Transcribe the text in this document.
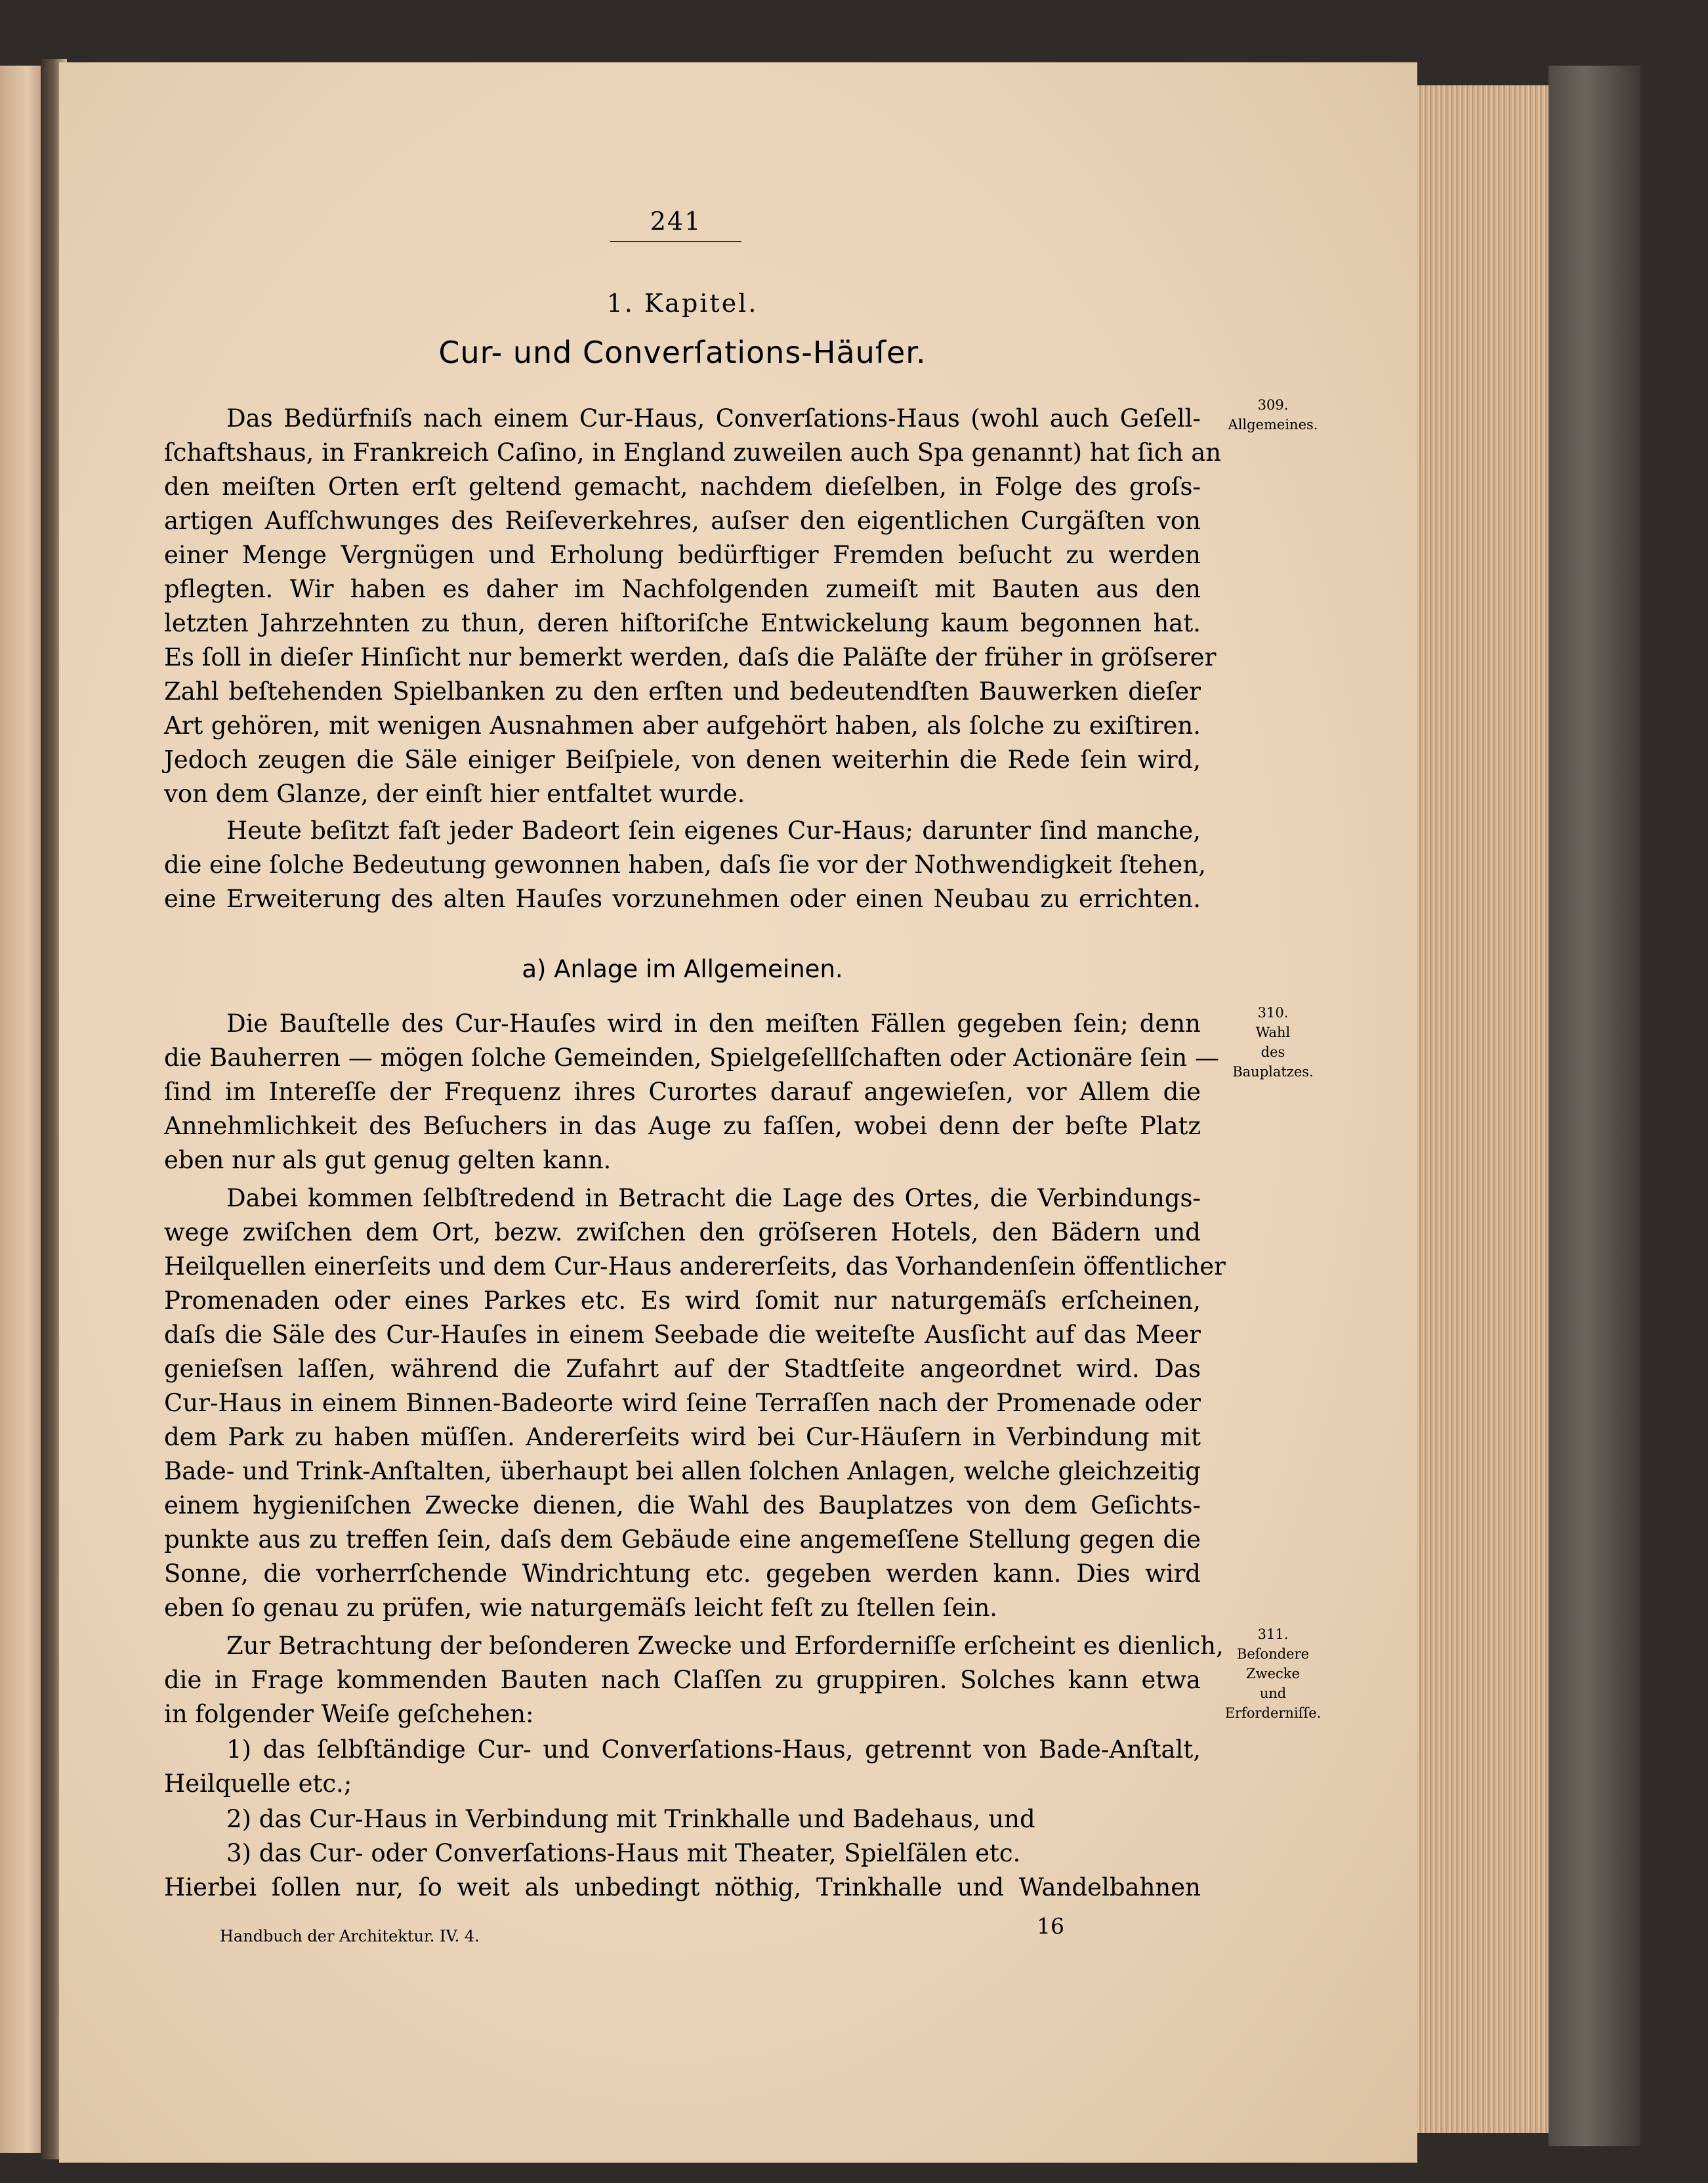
241
1. Kapitel.
Cur- und Converſations-Häuſer.
Das Bedürfniſs nach einem Cur-Haus, Converſations-Haus (wohl auch Geſell-
ſchaftshaus, in Frankreich Caſino, in England zuweilen auch Spa genannt) hat ſich an
den meiſten Orten erſt geltend gemacht, nachdem dieſelben, in Folge des groſs-
artigen Aufſchwunges des Reiſeverkehres, auſser den eigentlichen Curgäſten von
einer Menge Vergnügen und Erholung bedürftiger Fremden beſucht zu werden
pflegten. Wir haben es daher im Nachfolgenden zumeiſt mit Bauten aus den
letzten Jahrzehnten zu thun, deren hiſtoriſche Entwickelung kaum begonnen hat.
Es ſoll in dieſer Hinſicht nur bemerkt werden, daſs die Paläſte der früher in gröſserer
Zahl beſtehenden Spielbanken zu den erſten und bedeutendſten Bauwerken dieſer
Art gehören, mit wenigen Ausnahmen aber aufgehört haben, als ſolche zu exiſtiren.
Jedoch zeugen die Säle einiger Beiſpiele, von denen weiterhin die Rede ſein wird,
von dem Glanze, der einſt hier entfaltet wurde.
Heute beſitzt faſt jeder Badeort ſein eigenes Cur-Haus; darunter ſind manche,
die eine ſolche Bedeutung gewonnen haben, daſs ſie vor der Nothwendigkeit ſtehen,
eine Erweiterung des alten Hauſes vorzunehmen oder einen Neubau zu errichten.
a) Anlage im Allgemeinen.
Die Bauſtelle des Cur-Hauſes wird in den meiſten Fällen gegeben ſein; denn
die Bauherren — mögen ſolche Gemeinden, Spielgeſellſchaften oder Actionäre ſein —
ſind im Intereſſe der Frequenz ihres Curortes darauf angewieſen, vor Allem die
Annehmlichkeit des Beſuchers in das Auge zu faſſen, wobei denn der beſte Platz
eben nur als gut genug gelten kann.
Dabei kommen ſelbſtredend in Betracht die Lage des Ortes, die Verbindungs-
wege zwiſchen dem Ort, bezw. zwiſchen den gröſseren Hotels, den Bädern und
Heilquellen einerſeits und dem Cur-Haus andererſeits, das Vorhandenſein öffentlicher
Promenaden oder eines Parkes etc. Es wird ſomit nur naturgemäſs erſcheinen,
daſs die Säle des Cur-Hauſes in einem Seebade die weiteſte Ausſicht auf das Meer
genieſsen laſſen, während die Zufahrt auf der Stadtſeite angeordnet wird. Das
Cur-Haus in einem Binnen-Badeorte wird ſeine Terraſſen nach der Promenade oder
dem Park zu haben müſſen. Andererſeits wird bei Cur-Häuſern in Verbindung mit
Bade- und Trink-Anſtalten, überhaupt bei allen ſolchen Anlagen, welche gleichzeitig
einem hygieniſchen Zwecke dienen, die Wahl des Bauplatzes von dem Geſichts-
punkte aus zu treffen ſein, daſs dem Gebäude eine angemeſſene Stellung gegen die
Sonne, die vorherrſchende Windrichtung etc. gegeben werden kann. Dies wird
eben ſo genau zu prüfen, wie naturgemäſs leicht feſt zu ſtellen ſein.
Zur Betrachtung der beſonderen Zwecke und Erforderniſſe erſcheint es dienlich,
die in Frage kommenden Bauten nach Claſſen zu gruppiren. Solches kann etwa
in folgender Weiſe geſchehen:
1) das ſelbſtändige Cur- und Converſations-Haus, getrennt von Bade-Anſtalt,
Heilquelle etc.;
2) das Cur-Haus in Verbindung mit Trinkhalle und Badehaus, und
3) das Cur- oder Converſations-Haus mit Theater, Spielſälen etc.
Hierbei ſollen nur, ſo weit als unbedingt nöthig, Trinkhalle und Wandelbahnen
309.
Allgemeines.
310.
Wahl
des
Bauplatzes.
311.
Beſondere
Zwecke
und
Erforderniſſe.
Handbuch der Architektur. IV. 4.	16
